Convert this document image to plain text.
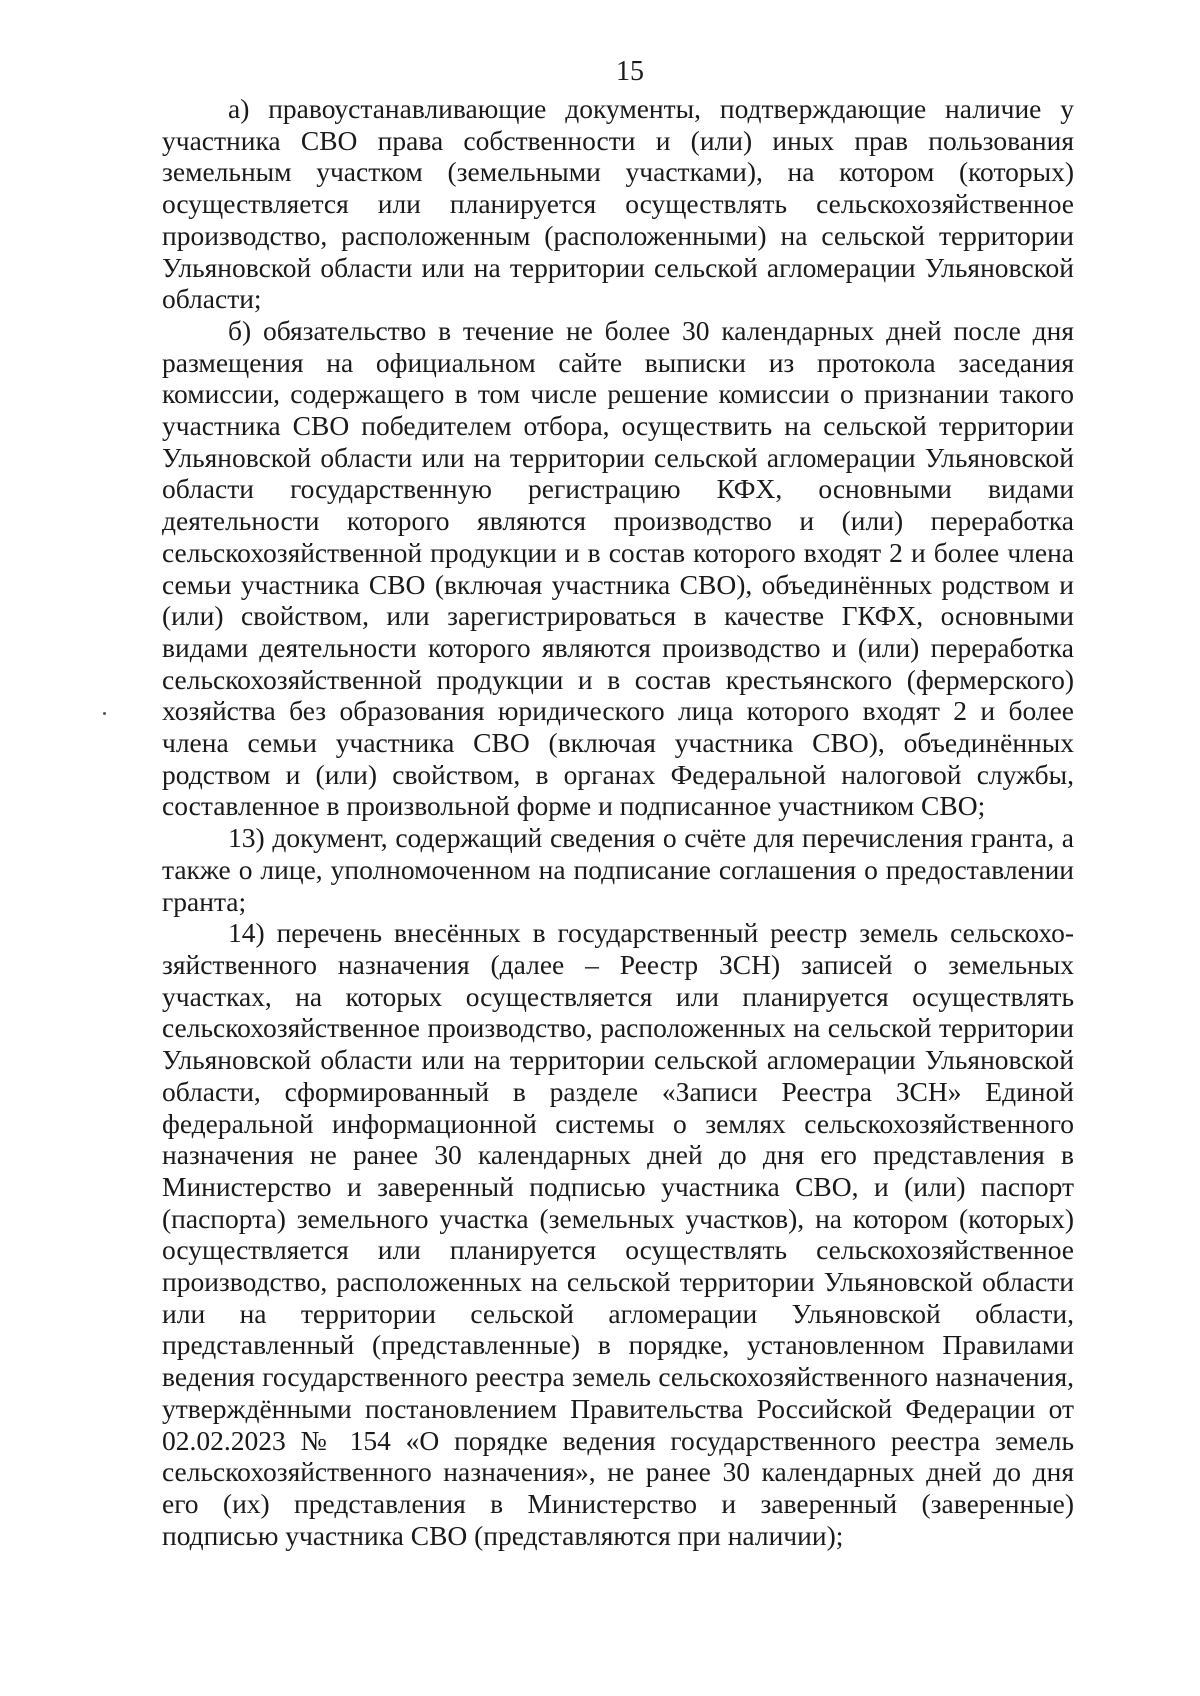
15

а) правоустанавливающие документы, подтверждающие наличие у участника СВО права собственности и (или) иных прав пользования земельным участком (земельными участками), на котором (которых) осуществляется или планируется осуществлять сельскохозяйственное производство, расположенным (расположенными) на сельской территории Ульяновской области или на территории сельской агломерации Ульяновской области;

б) обязательство в течение не более 30 календарных дней после дня размещения на официальном сайте выписки из протокола заседания комиссии, содержащего в том числе решение комиссии о признании такого участника СВО победителем отбора, осуществить на сельской территории Ульяновской области или на территории сельской агломерации Ульяновской области государственную регистрацию КФХ, основными видами деятельности которого являются производство и (или) переработка сельскохозяйственной продукции и в состав которого входят 2 и более члена семьи участника СВО (включая участника СВО), объединённых родством и (или) свойством, или зарегистрироваться в качестве ГКФХ, основными видами деятельности которого являются производство и (или) переработка сельскохозяйственной продукции и в состав крестьянского (фермерского) хозяйства без образования юридического лица которого входят 2 и более члена семьи участника СВО (включая участника СВО), объединённых родством и (или) свойством, в органах Федеральной налоговой службы, составленное в произвольной форме и подписанное участником СВО;

13) документ, содержащий сведения о счёте для перечисления гранта, а также о лице, уполномоченном на подписание соглашения о предоставлении гранта;

14) перечень внесённых в государственный реестр земель сельскохозяйственного назначения (далее – Реестр ЗСН) записей о земельных участках, на которых осуществляется или планируется осуществлять сельскохозяйственное производство, расположенных на сельской территории Ульяновской области или на территории сельской агломерации Ульяновской области, сформированный в разделе «Записи Реестра ЗСН» Единой федеральной информационной системы о землях сельскохозяйственного назначения не ранее 30 календарных дней до дня его представления в Министерство и заверенный подписью участника СВО, и (или) паспорт (паспорта) земельного участка (земельных участков), на котором (которых) осуществляется или планируется осуществлять сельскохозяйственное производство, расположенных на сельской территории Ульяновской области или на территории сельской агломерации Ульяновской области, представленный (представленные) в порядке, установленном Правилами ведения государственного реестра земель сельскохозяйственного назначения, утверждёнными постановлением Правительства Российской Федерации от 02.02.2023 № 154 «О порядке ведения государственного реестра земель сельскохозяйственного назначения», не ранее 30 календарных дней до дня его (их) представления в Министерство и заверенный (заверенные) подписью участника СВО (представляются при наличии);
